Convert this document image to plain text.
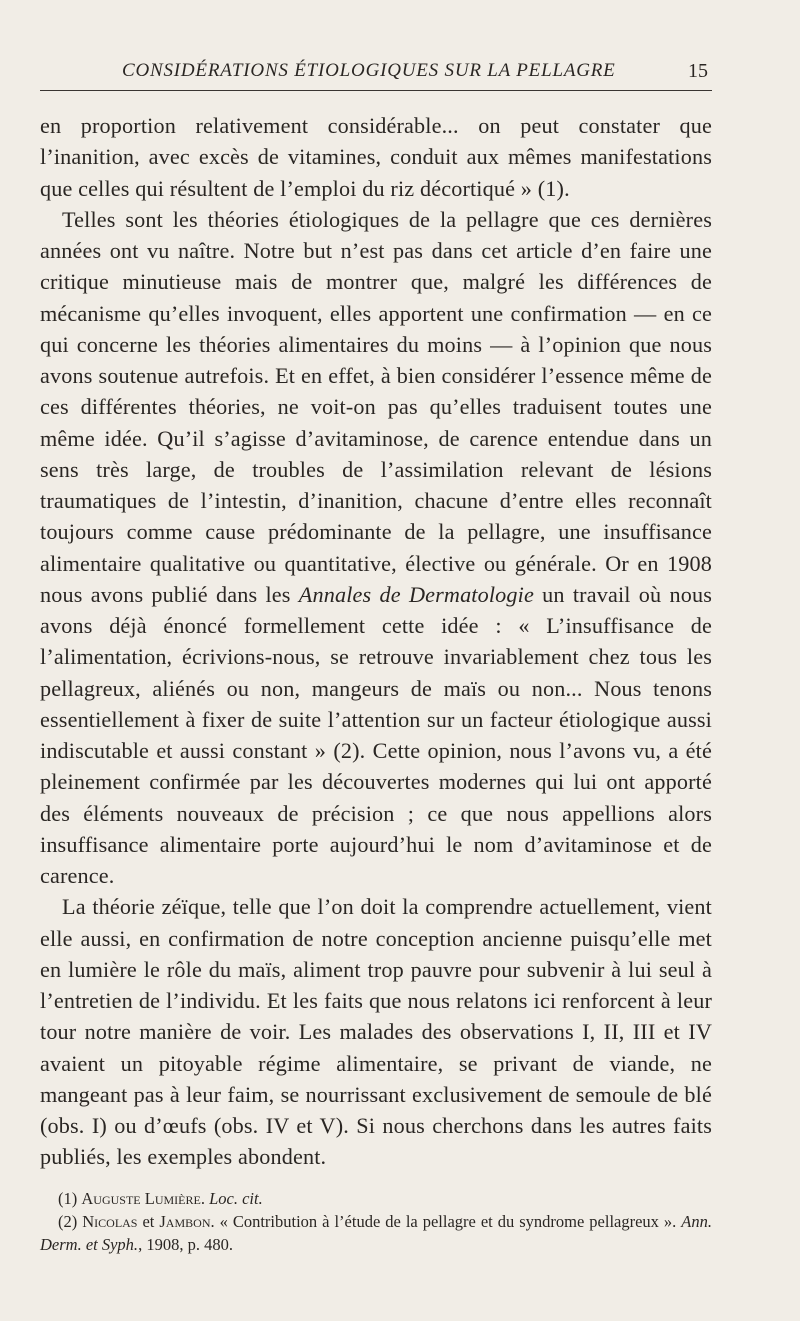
CONSIDÉRATIONS ÉTIOLOGIQUES SUR LA PELLAGRE	15

en proportion relativement considérable... on peut constater que l’inanition, avec excès de vitamines, conduit aux mêmes manifestations que celles qui résultent de l’emploi du riz décortiqué » (1).

Telles sont les théories étiologiques de la pellagre que ces dernières années ont vu naître. Notre but n’est pas dans cet article d’en faire une critique minutieuse mais de montrer que, malgré les différences de mécanisme qu’elles invoquent, elles apportent une confirmation — en ce qui concerne les théories alimentaires du moins — à l’opinion que nous avons soutenue autrefois. Et en effet, à bien considérer l’essence même de ces différentes théories, ne voit-on pas qu’elles traduisent toutes une même idée. Qu’il s’agisse d’avitaminose, de carence entendue dans un sens très large, de troubles de l’assimilation relevant de lésions traumatiques de l’intestin, d’inanition, chacune d’entre elles reconnaît toujours comme cause prédominante de la pellagre, une insuffisance alimentaire qualitative ou quantitative, élective ou générale. Or en 1908 nous avons publié dans les Annales de Dermatologie un travail où nous avons déjà énoncé formellement cette idée : « L’insuffisance de l’alimentation, écrivions-nous, se retrouve invariablement chez tous les pellagreux, aliénés ou non, mangeurs de maïs ou non... Nous tenons essentiellement à fixer de suite l’attention sur un facteur étiologique aussi indiscutable et aussi constant » (2). Cette opinion, nous l’avons vu, a été pleinement confirmée par les découvertes modernes qui lui ont apporté des éléments nouveaux de précision ; ce que nous appellions alors insuffisance alimentaire porte aujourd’hui le nom d’avitaminose et de carence.

La théorie zéïque, telle que l’on doit la comprendre actuellement, vient elle aussi, en confirmation de notre conception ancienne puisqu’elle met en lumière le rôle du maïs, aliment trop pauvre pour subvenir à lui seul à l’entretien de l’individu. Et les faits que nous relatons ici renforcent à leur tour notre manière de voir. Les malades des observations I, II, III et IV avaient un pitoyable régime alimentaire, se privant de viande, ne mangeant pas à leur faim, se nourrissant exclusivement de semoule de blé (obs. I) ou d’œufs (obs. IV et V). Si nous cherchons dans les autres faits publiés, les exemples abondent.

(1) Auguste Lumière. Loc. cit.

(2) Nicolas et Jambon. « Contribution à l’étude de la pellagre et du syndrome pellagreux ». Ann. Derm. et Syph., 1908, p. 480.
